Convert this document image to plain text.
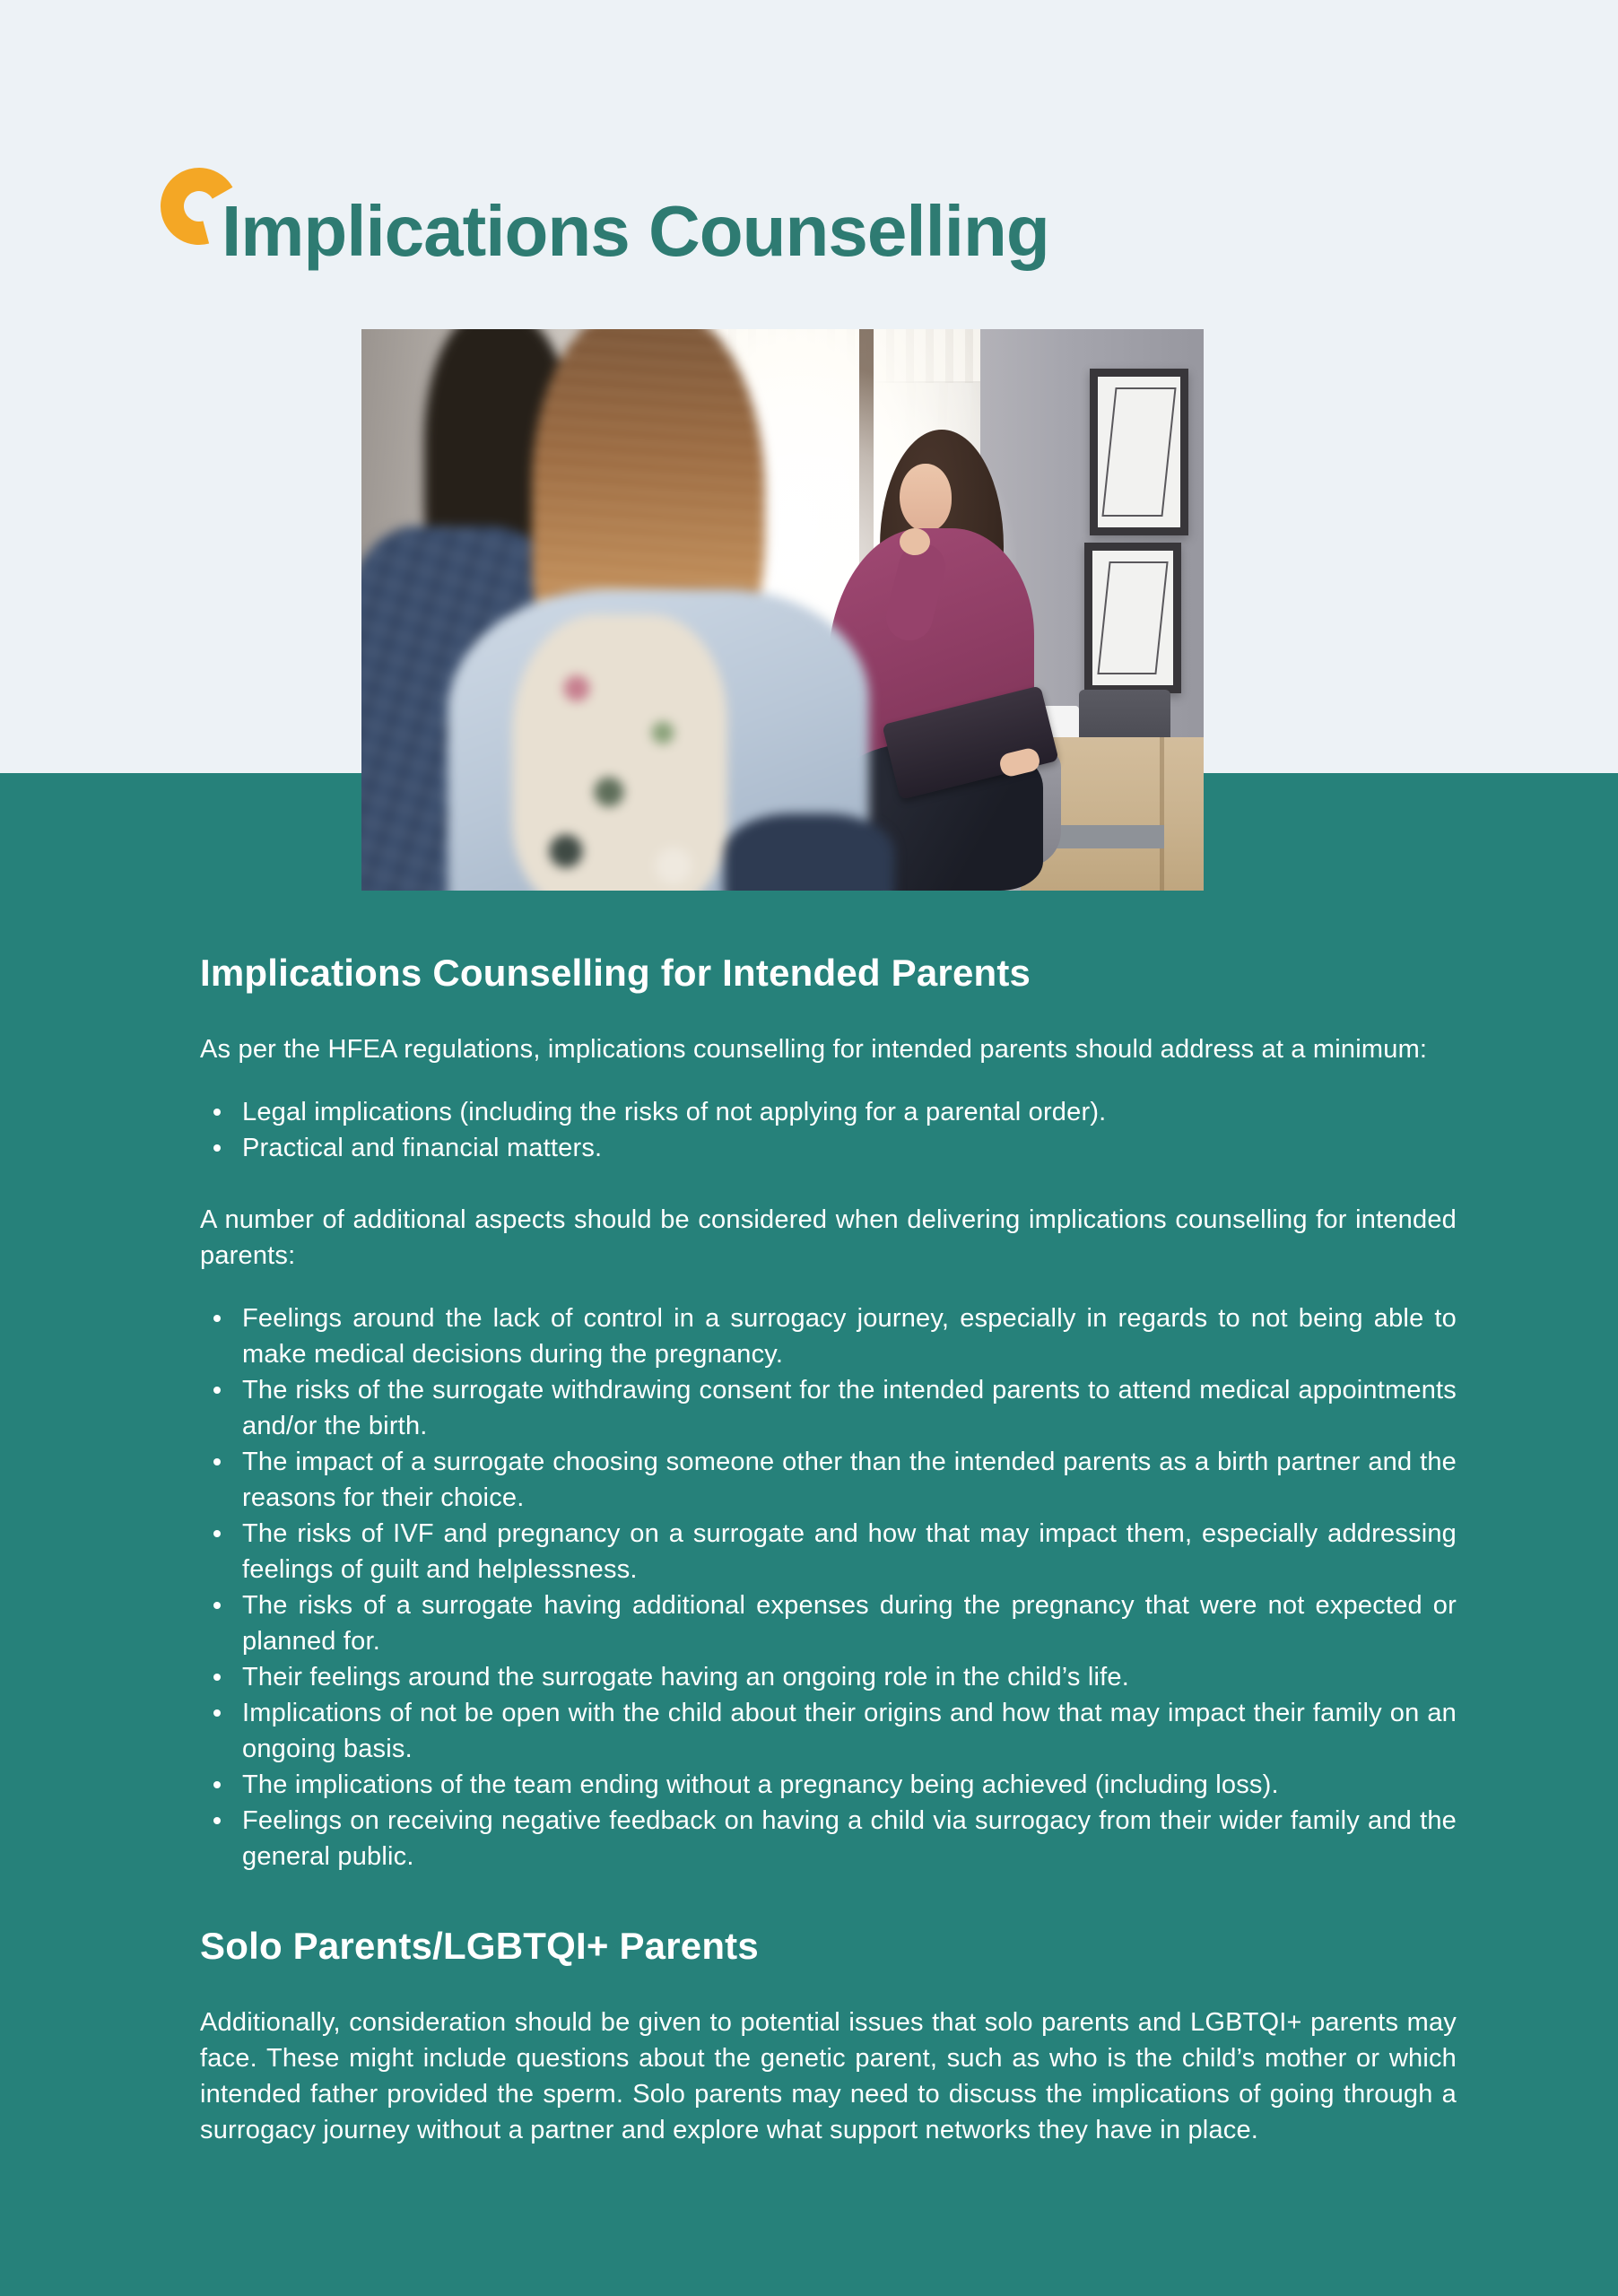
Implications Counselling
Implications Counselling for Intended Parents

As per the HFEA regulations, implications counselling for intended parents should address at a minimum:

Legal implications (including the risks of not applying for a parental order).
Practical and financial matters.

A number of additional aspects should be considered when delivering implications counselling for intended parents:

Feelings around the lack of control in a surrogacy journey, especially in regards to not being able to make medical decisions during the pregnancy.
The risks of the surrogate withdrawing consent for the intended parents to attend medical appointments and/or the birth.
The impact of a surrogate choosing someone other than the intended parents as a birth partner and the reasons for their choice.
The risks of IVF and pregnancy on a surrogate and how that may impact them, especially addressing feelings of guilt and helplessness.
The risks of a surrogate having additional expenses during the pregnancy that were not expected or planned for.
Their feelings around the surrogate having an ongoing role in the child’s life.
Implications of not be open with the child about their origins and how that may impact their family on an ongoing basis.
The implications of the team ending without a pregnancy being achieved (including loss).
Feelings on receiving negative feedback on having a child via surrogacy from their wider family and the general public.
Solo Parents/LGBTQI+ Parents

Additionally, consideration should be given to potential issues that solo parents and LGBTQI+ parents may face. These might include questions about the genetic parent, such as who is the child’s mother or which intended father provided the sperm. Solo parents may need to discuss the implications of going through a surrogacy journey without a partner and explore what support networks they have in place.
